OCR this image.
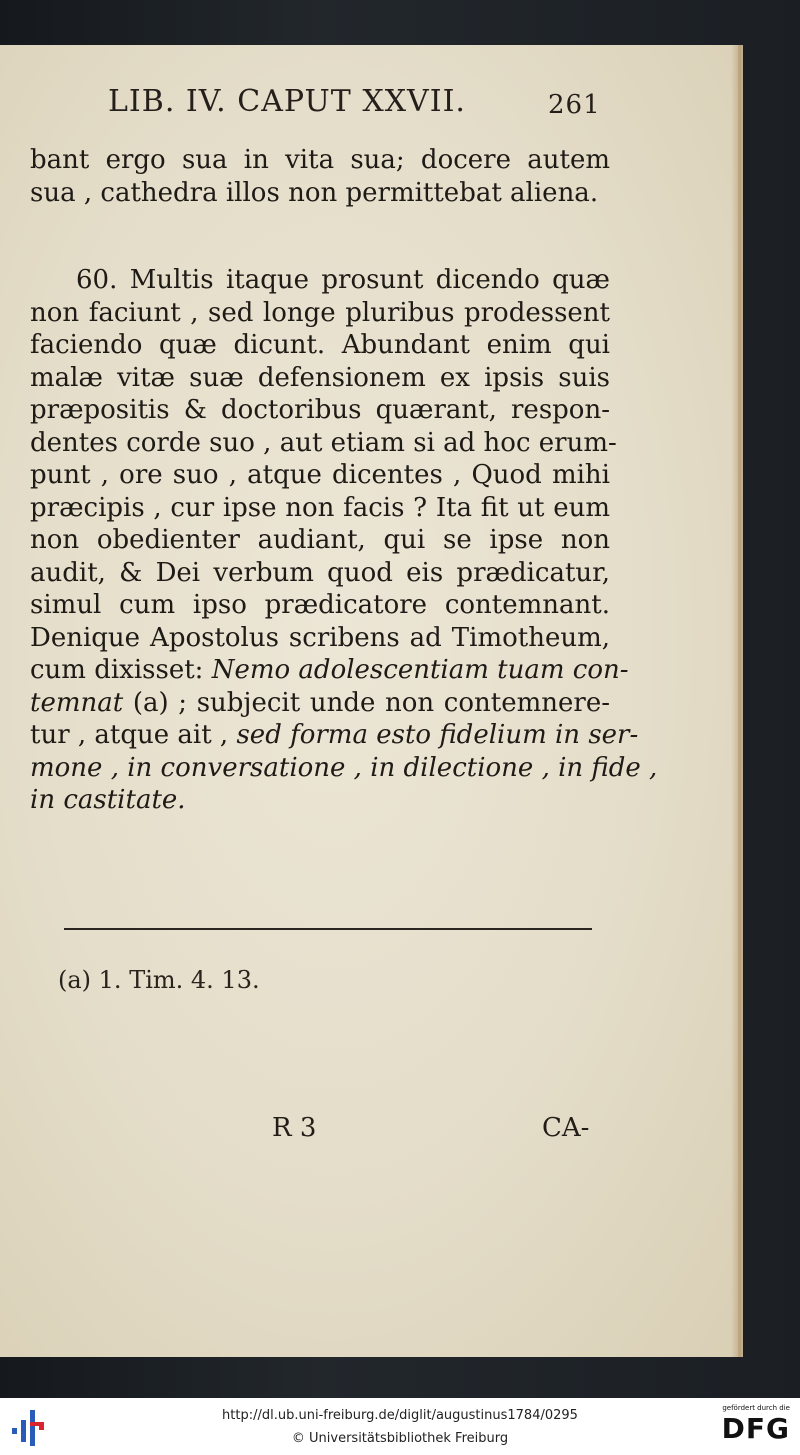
LIB. IV. CAPUT XXVII.	261
bant ergo sua in vita sua; docere autem
sua , cathedra illos non permittebat aliena.
60. Multis itaque prosunt dicendo quæ
non faciunt , sed longe pluribus prodessent
faciendo quæ dicunt. Abundant enim qui
malæ vitæ suæ defensionem ex ipsis suis
præpositis & doctoribus quærant, respon-
dentes corde suo , aut etiam si ad hoc erum-
punt , ore suo , atque dicentes , Quod mihi
præcipis , cur ipse non facis ? Ita fit ut eum
non obedienter audiant, qui se ipse non
audit, & Dei verbum quod eis prædicatur,
simul cum ipso prædicatore contemnant.
Denique Apostolus scribens ad Timotheum,
cum dixisset: Nemo adolescentiam tuam con-
temnat (a) ; subjecit unde non contemnere-
tur , atque ait , sed forma esto fidelium in ser-
mone , in conversatione , in dilectione , in fide ,
in castitate.
(a) 1. Tim. 4. 13.
R 3	CA-
http://dl.ub.uni-freiburg.de/diglit/augustinus1784/0295
© Universitätsbibliothek Freiburg
gefördert durch die
DFG
